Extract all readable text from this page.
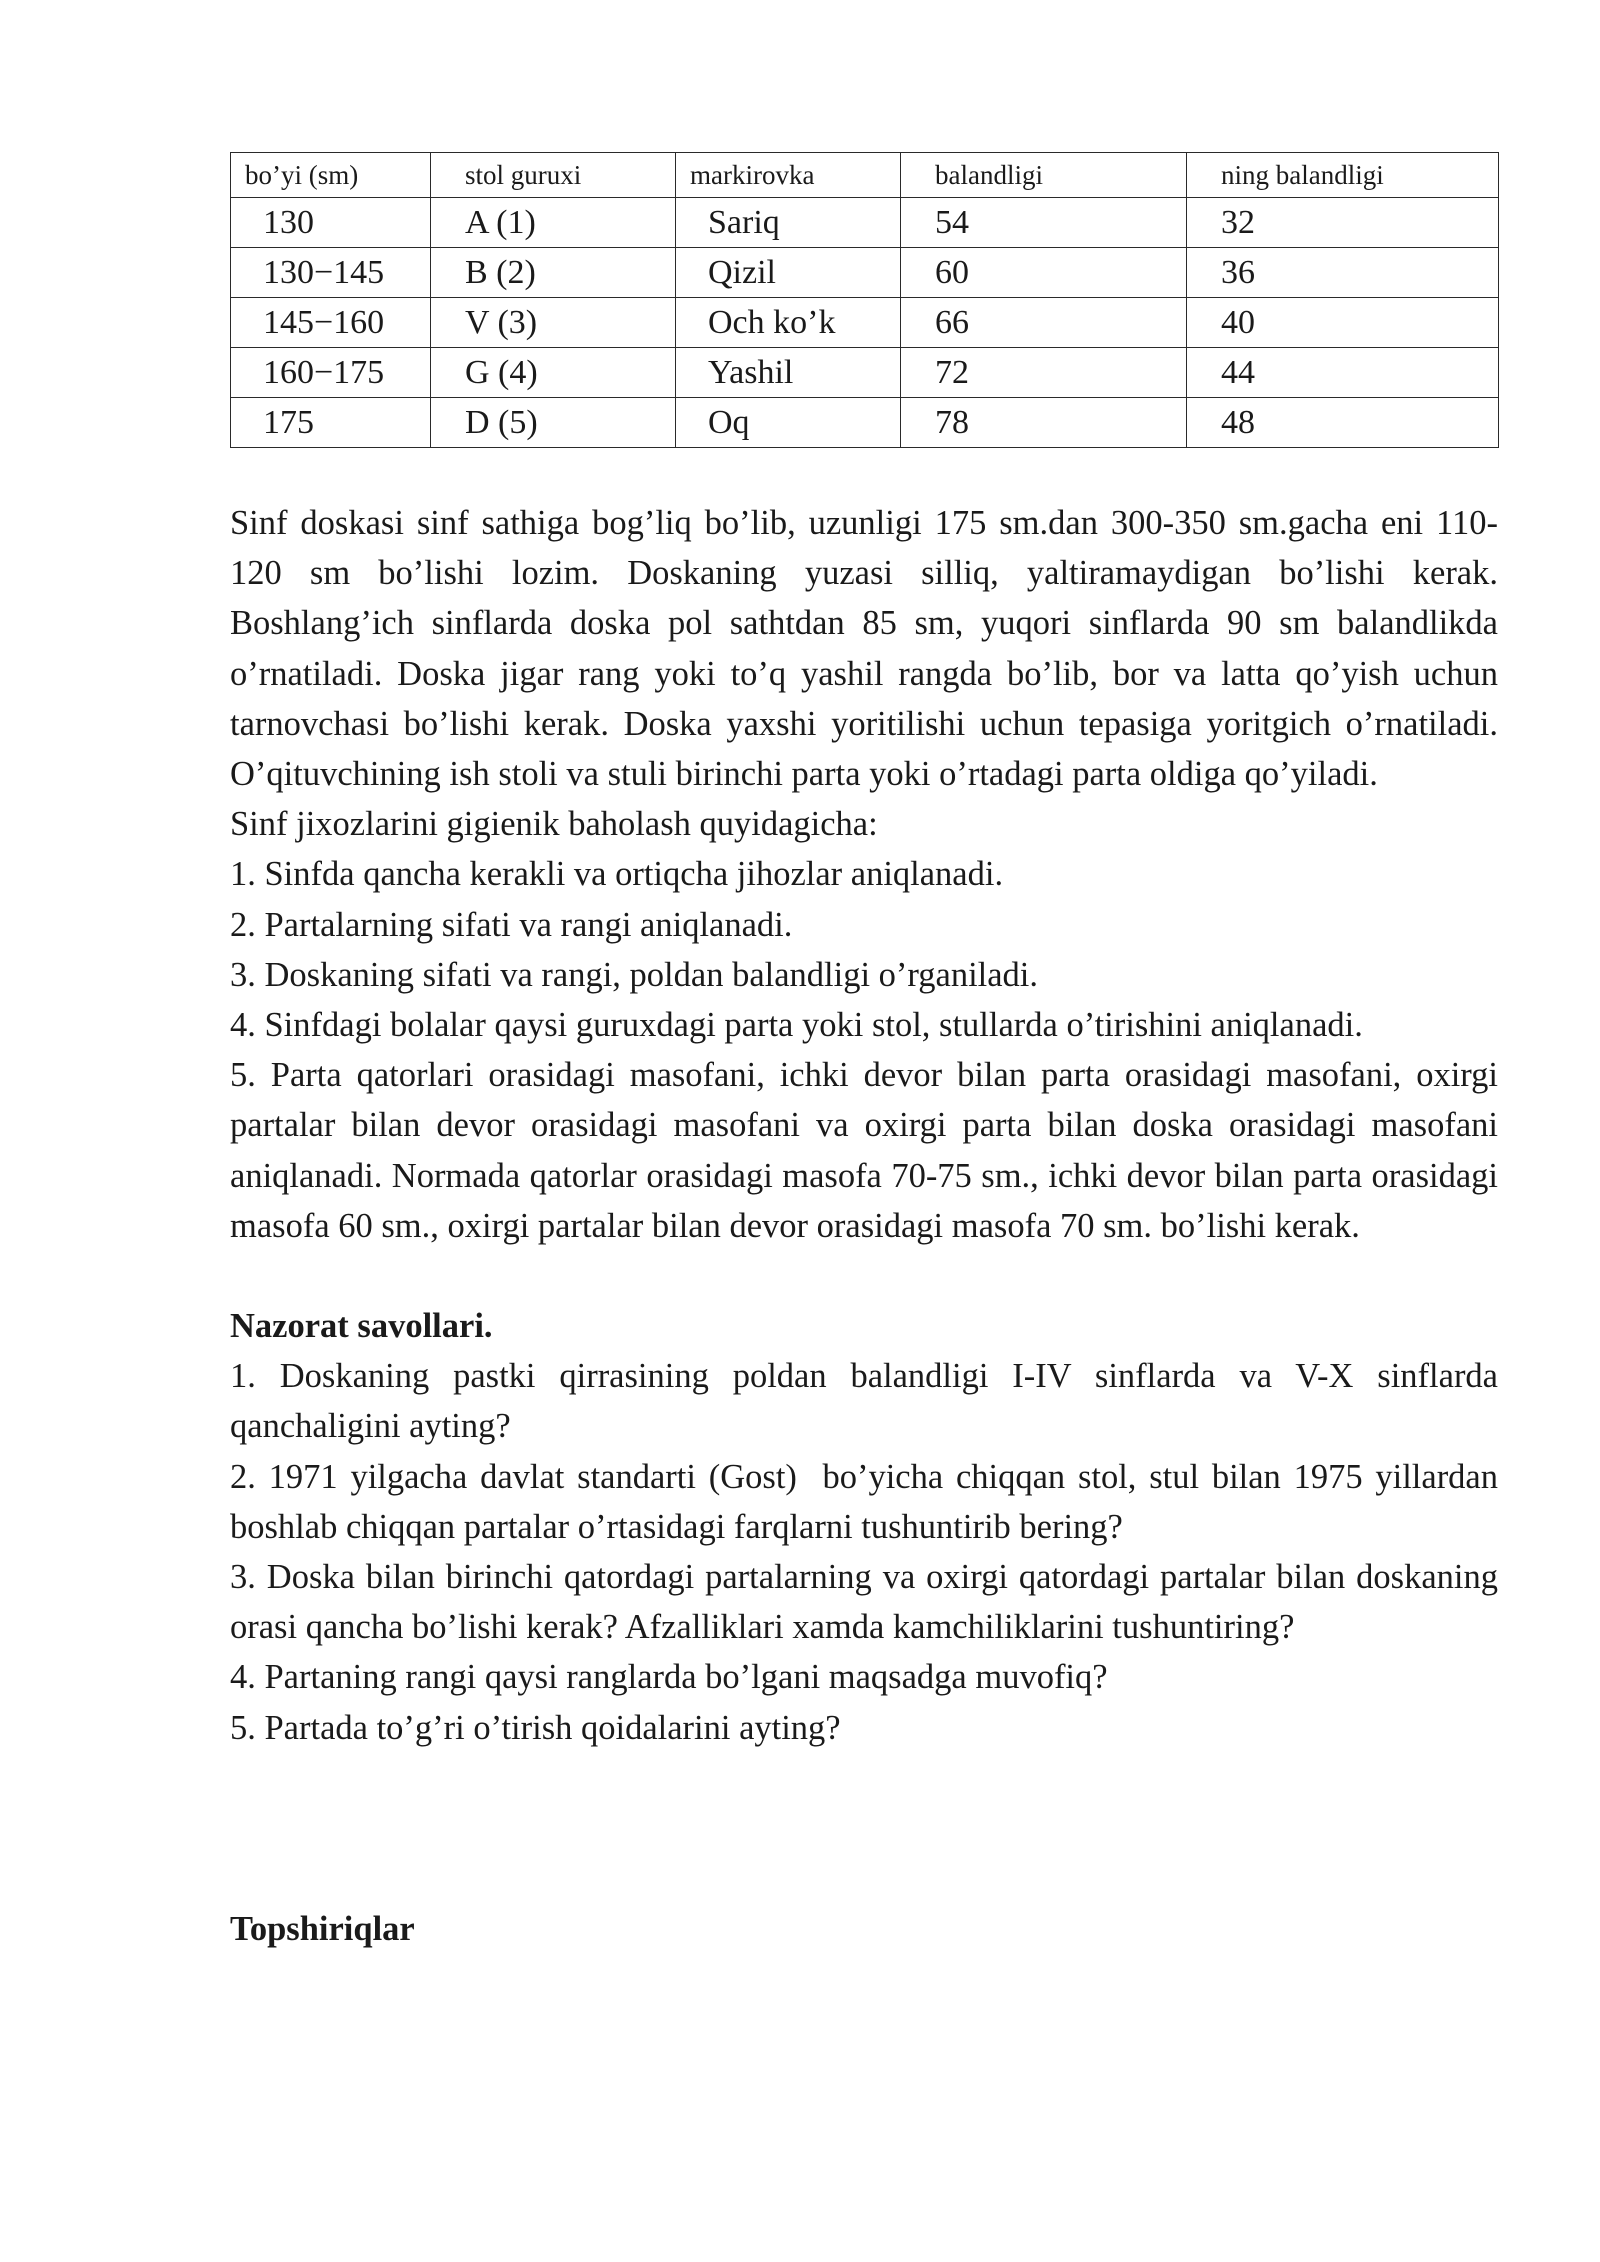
bo’yi (sm)	stol guruxi	markirovka	balandligi	ning balandligi
130	A (1)	Sariq	54	32
130−145	B (2)	Qizil	60	36
145−160	V (3)	Och ko’k	66	40
160−175	G (4)	Yashil	72	44
175	D (5)	Oq	78	48

Sinf doskasi sinf sathiga bog’liq bo’lib, uzunligi 175 sm.dan 300-350 sm.gacha eni 110-120 sm bo’lishi lozim. Doskaning yuzasi silliq, yaltiramaydigan bo’lishi kerak. Boshlang’ich sinflarda doska pol sathtdan 85 sm, yuqori sinflarda 90 sm balandlikda o’rnatiladi. Doska jigar rang yoki to’q yashil rangda bo’lib, bor va latta qo’yish uchun tarnovchasi bo’lishi kerak. Doska yaxshi yoritilishi uchun tepasiga yoritgich o’rnatiladi. O’qituvchining ish stoli va stuli birinchi parta yoki o’rtadagi parta oldiga qo’yiladi.

Sinf jixozlarini gigienik baholash quyidagicha:

1. Sinfda qancha kerakli va ortiqcha jihozlar aniqlanadi.

2. Partalarning sifati va rangi aniqlanadi.

3. Doskaning sifati va rangi, poldan balandligi o’rganiladi.

4. Sinfdagi bolalar qaysi guruxdagi parta yoki stol, stullarda o’tirishini aniqlanadi.

5. Parta qatorlari orasidagi masofani, ichki devor bilan parta orasidagi masofani, oxirgi partalar bilan devor orasidagi masofani va oxirgi parta bilan doska orasidagi masofani aniqlanadi. Normada qatorlar orasidagi masofa 70-75 sm., ichki devor bilan parta orasidagi masofa 60 sm., oxirgi partalar bilan devor orasidagi masofa 70 sm. bo’lishi kerak.

Nazorat savollari.

1. Doskaning pastki qirrasining poldan balandligi I-IV sinflarda va V-X sinflarda qanchaligini ayting?

2. 1971 yilgacha davlat standarti (Gost)  bo’yicha chiqqan stol, stul bilan 1975 yillardan boshlab chiqqan partalar o’rtasidagi farqlarni tushuntirib bering?

3. Doska bilan birinchi qatordagi partalarning va oxirgi qatordagi partalar bilan doskaning orasi qancha bo’lishi kerak? Afzalliklari xamda kamchiliklarini tushuntiring?

4. Partaning rangi qaysi ranglarda bo’lgani maqsadga muvofiq?

5. Partada to’g’ri o’tirish qoidalarini ayting?

Topshiriqlar
